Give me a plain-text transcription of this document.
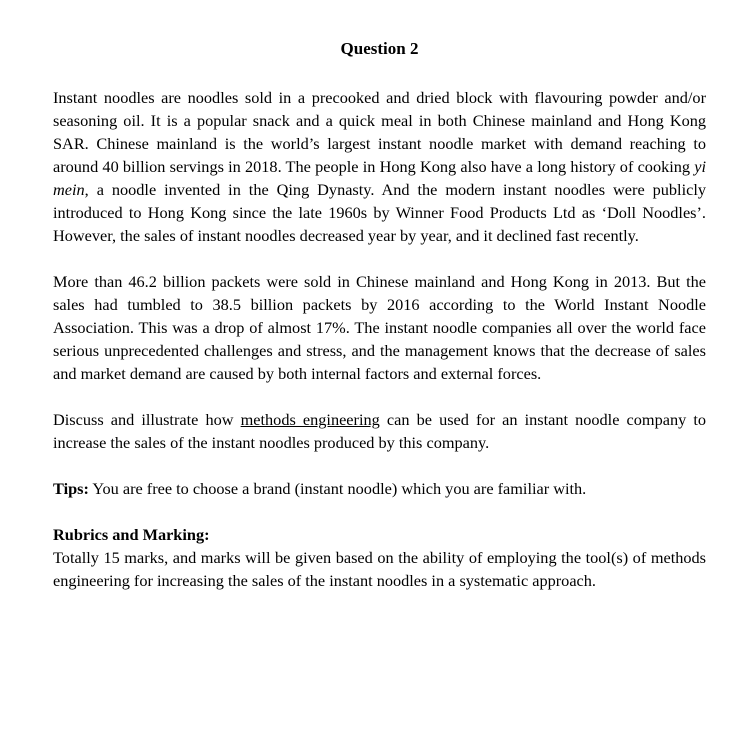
Question 2

Instant noodles are noodles sold in a precooked and dried block with flavouring powder and/or seasoning oil. It is a popular snack and a quick meal in both Chinese mainland and Hong Kong SAR. Chinese mainland is the world’s largest instant noodle market with demand reaching to around 40 billion servings in 2018. The people in Hong Kong also have a long history of cooking yi mein, a noodle invented in the Qing Dynasty. And the modern instant noodles were publicly introduced to Hong Kong since the late 1960s by Winner Food Products Ltd as ‘Doll Noodles’. However, the sales of instant noodles decreased year by year, and it declined fast recently.

More than 46.2 billion packets were sold in Chinese mainland and Hong Kong in 2013. But the sales had tumbled to 38.5 billion packets by 2016 according to the World Instant Noodle Association. This was a drop of almost 17%. The instant noodle companies all over the world face serious unprecedented challenges and stress, and the management knows that the decrease of sales and market demand are caused by both internal factors and external forces.

Discuss and illustrate how methods engineering can be used for an instant noodle company to increase the sales of the instant noodles produced by this company.

Tips: You are free to choose a brand (instant noodle) which you are familiar with.

Rubrics and Marking:

Totally 15 marks, and marks will be given based on the ability of employing the tool(s) of methods engineering for increasing the sales of the instant noodles in a systematic approach.
